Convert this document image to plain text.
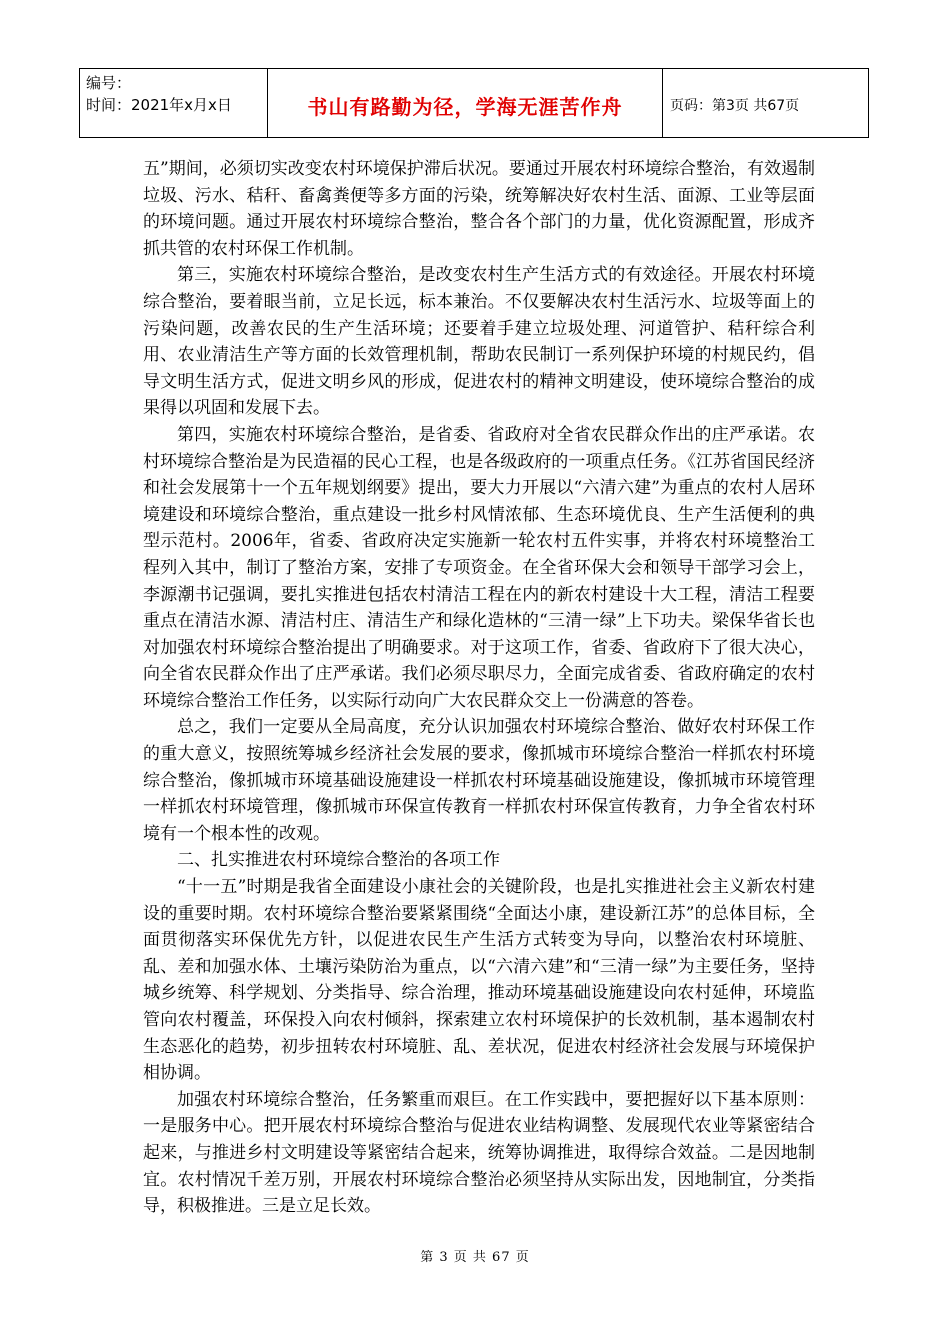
编号：
时间：2021年x月x日	书山有路勤为径，学海无涯苦作舟	页码：第3页 共67页

五”期间，必须切实改变农村环境保护滞后状况。要通过开展农村环境综合整治，有效遏制垃圾、污水、秸秆、畜禽粪便等多方面的污染，统筹解决好农村生活、面源、工业等层面的环境问题。通过开展农村环境综合整治，整合各个部门的力量，优化资源配置，形成齐抓共管的农村环保工作机制。

第三，实施农村环境综合整治，是改变农村生产生活方式的有效途径。开展农村环境综合整治，要着眼当前，立足长远，标本兼治。不仅要解决农村生活污水、垃圾等面上的污染问题，改善农民的生产生活环境；还要着手建立垃圾处理、河道管护、秸秆综合利用、农业清洁生产等方面的长效管理机制，帮助农民制订一系列保护环境的村规民约，倡导文明生活方式，促进文明乡风的形成，促进农村的精神文明建设，使环境综合整治的成果得以巩固和发展下去。

第四，实施农村环境综合整治，是省委、省政府对全省农民群众作出的庄严承诺。农村环境综合整治是为民造福的民心工程，也是各级政府的一项重点任务。《江苏省国民经济和社会发展第十一个五年规划纲要》提出，要大力开展以“六清六建”为重点的农村人居环境建设和环境综合整治，重点建设一批乡村风情浓郁、生态环境优良、生产生活便利的典型示范村。2006年，省委、省政府决定实施新一轮农村五件实事，并将农村环境整治工程列入其中，制订了整治方案，安排了专项资金。在全省环保大会和领导干部学习会上，李源潮书记强调，要扎实推进包括农村清洁工程在内的新农村建设十大工程，清洁工程要重点在清洁水源、清洁村庄、清洁生产和绿化造林的“三清一绿”上下功夫。梁保华省长也对加强农村环境综合整治提出了明确要求。对于这项工作，省委、省政府下了很大决心，向全省农民群众作出了庄严承诺。我们必须尽职尽力，全面完成省委、省政府确定的农村环境综合整治工作任务，以实际行动向广大农民群众交上一份满意的答卷。

总之，我们一定要从全局高度，充分认识加强农村环境综合整治、做好农村环保工作的重大意义，按照统筹城乡经济社会发展的要求，像抓城市环境综合整治一样抓农村环境综合整治，像抓城市环境基础设施建设一样抓农村环境基础设施建设，像抓城市环境管理一样抓农村环境管理，像抓城市环保宣传教育一样抓农村环保宣传教育，力争全省农村环境有一个根本性的改观。

二、扎实推进农村环境综合整治的各项工作

“十一五”时期是我省全面建设小康社会的关键阶段，也是扎实推进社会主义新农村建设的重要时期。农村环境综合整治要紧紧围绕“全面达小康，建设新江苏”的总体目标，全面贯彻落实环保优先方针，以促进农民生产生活方式转变为导向，以整治农村环境脏、乱、差和加强水体、土壤污染防治为重点，以“六清六建”和“三清一绿”为主要任务，坚持城乡统筹、科学规划、分类指导、综合治理，推动环境基础设施建设向农村延伸，环境监管向农村覆盖，环保投入向农村倾斜，探索建立农村环境保护的长效机制，基本遏制农村生态恶化的趋势，初步扭转农村环境脏、乱、差状况，促进农村经济社会发展与环境保护相协调。

加强农村环境综合整治，任务繁重而艰巨。在工作实践中，要把握好以下基本原则：一是服务中心。把开展农村环境综合整治与促进农业结构调整、发展现代农业等紧密结合起来，与推进乡村文明建设等紧密结合起来，统筹协调推进，取得综合效益。二是因地制宜。农村情况千差万别，开展农村环境综合整治必须坚持从实际出发，因地制宜，分类指导，积极推进。三是立足长效。

第 3 页 共 67 页
